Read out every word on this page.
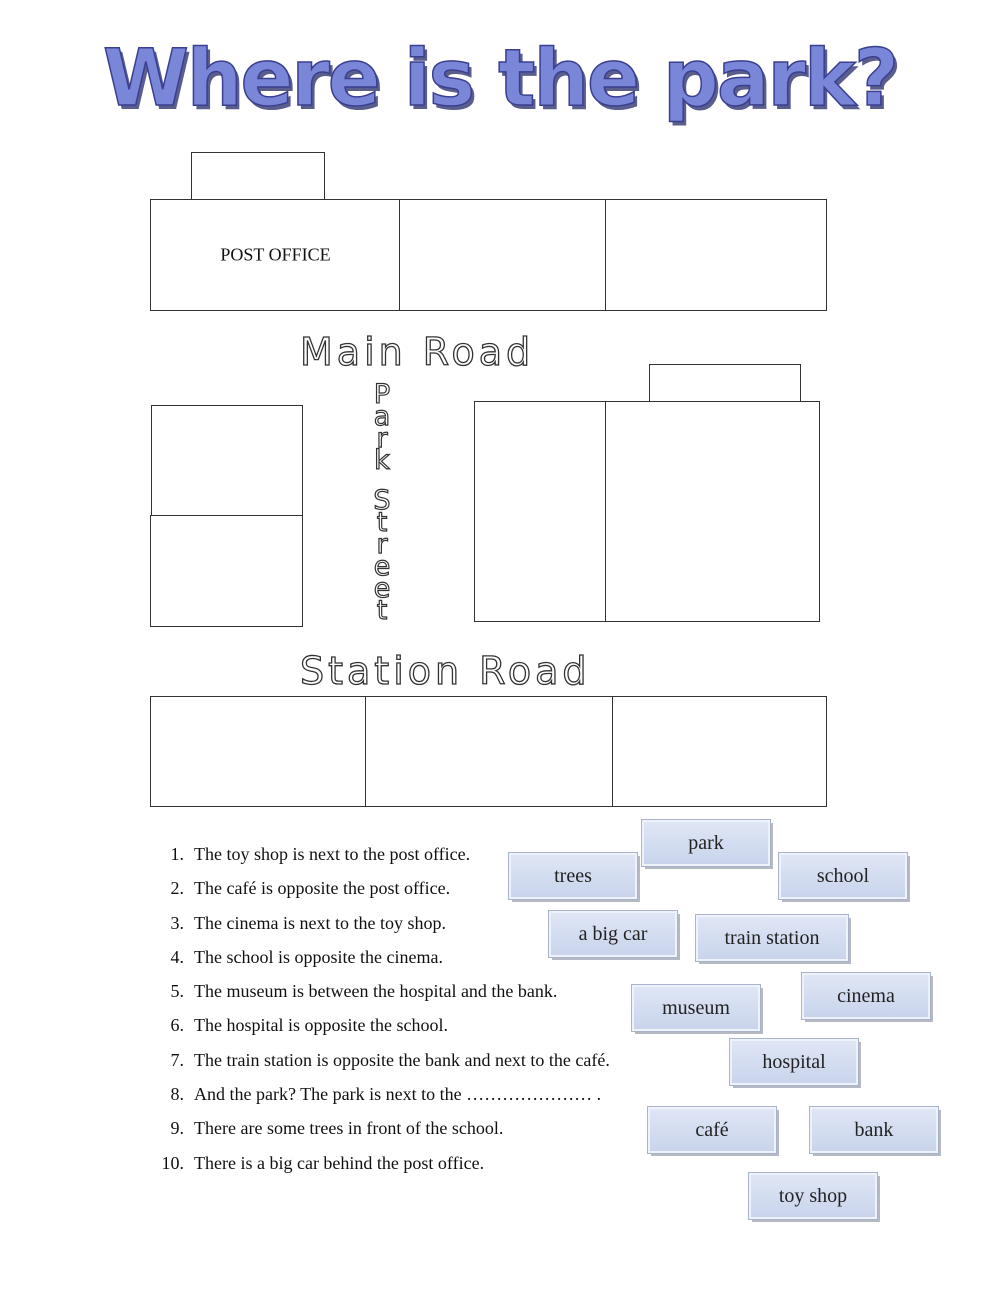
Where is the park?
POST OFFICE
Main Road
P
a
r
k
S
t
r
e
e
t
Station Road
1. The toy shop is next to the post office.
2. The café is opposite the post office.
3. The cinema is next to the toy shop.
4. The school is opposite the cinema.
5. The museum is between the hospital and the bank.
6. The hospital is opposite the school.
7. The train station is opposite the bank and next to the café.
8. And the park? The park is next to the ………………… .
9. There are some trees in front of the school.
10. There is a big car behind the post office.
park
trees	school
a big car	train station
museum
cinema
hospital
café	bank
toy shop
